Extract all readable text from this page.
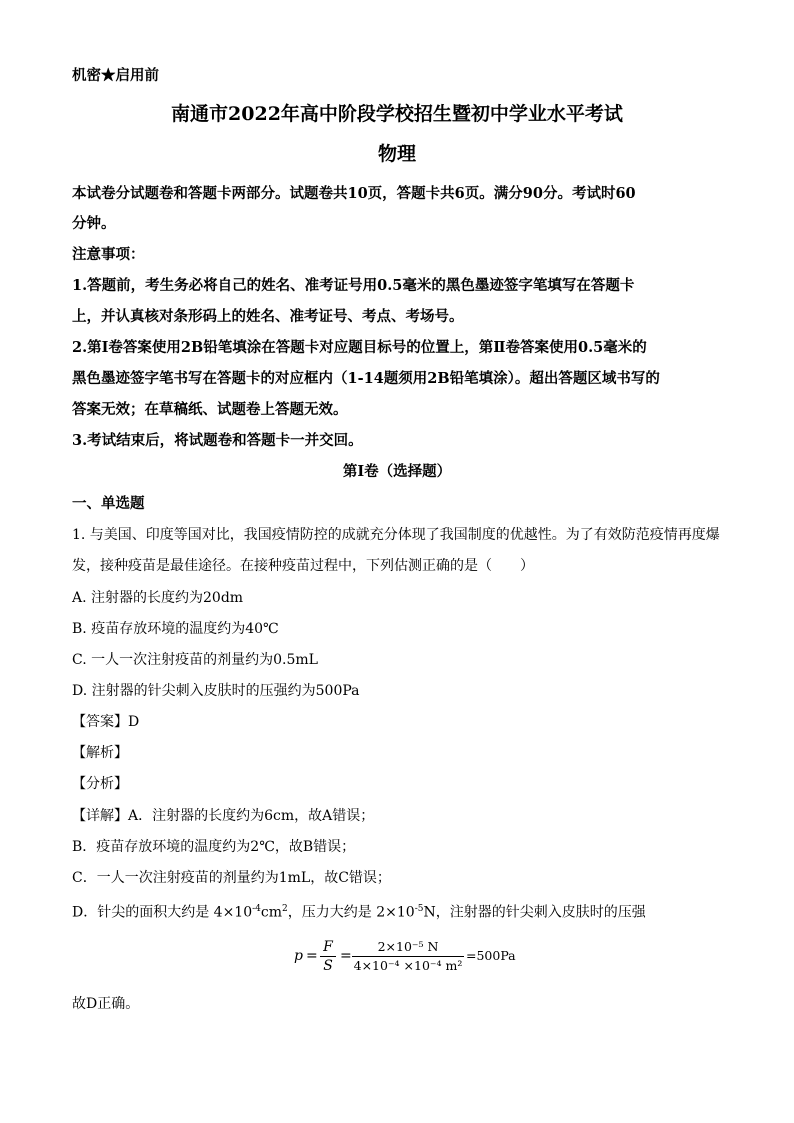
机密★启用前
南通市2022年高中阶段学校招生暨初中学业水平考试
物理
本试卷分试题卷和答题卡两部分。试题卷共10页，答题卡共6页。满分90分。考试时60
分钟。
注意事项：
1.答题前，考生务必将自己的姓名、准考证号用0.5毫米的黑色墨迹签字笔填写在答题卡
上，并认真核对条形码上的姓名、准考证号、考点、考场号。
2.第Ⅰ卷答案使用2B铅笔填涂在答题卡对应题目标号的位置上，第Ⅱ卷答案使用0.5毫米的
黑色墨迹签字笔书写在答题卡的对应框内（1-14题须用2B铅笔填涂）。超出答题区域书写的
答案无效；在草稿纸、试题卷上答题无效。
3.考试结束后，将试题卷和答题卡一并交回。
第Ⅰ卷（选择题）
一、单选题
1. 与美国、印度等国对比，我国疫情防控的成就充分体现了我国制度的优越性。为了有效防范疫情再度爆
发，接种疫苗是最佳途径。在接种疫苗过程中，下列估测正确的是（　　）
A. 注射器的长度约为20dm
B. 疫苗存放环境的温度约为40℃
C. 一人一次注射疫苗的剂量约为0.5mL
D. 注射器的针尖刺入皮肤时的压强约为500Pa
【答案】D
【解析】
【分析】
【详解】A．注射器的长度约为6cm，故A错误；
B．疫苗存放环境的温度约为2℃，故B错误；
C．一人一次注射疫苗的剂量约为1mL，故C错误；
D．针尖的面积大约是 $4\times 10^{-4}cm^2$，压力大约是 $2\times 10^{-5}N$，注射器的针尖刺入皮肤时的压强
$p = \frac{F}{S} = \frac{\text{2×10⁻⁵ N}}{\text{4×10⁻⁴ ×10⁻⁴ m²}} =500Pa$
故D正确。
